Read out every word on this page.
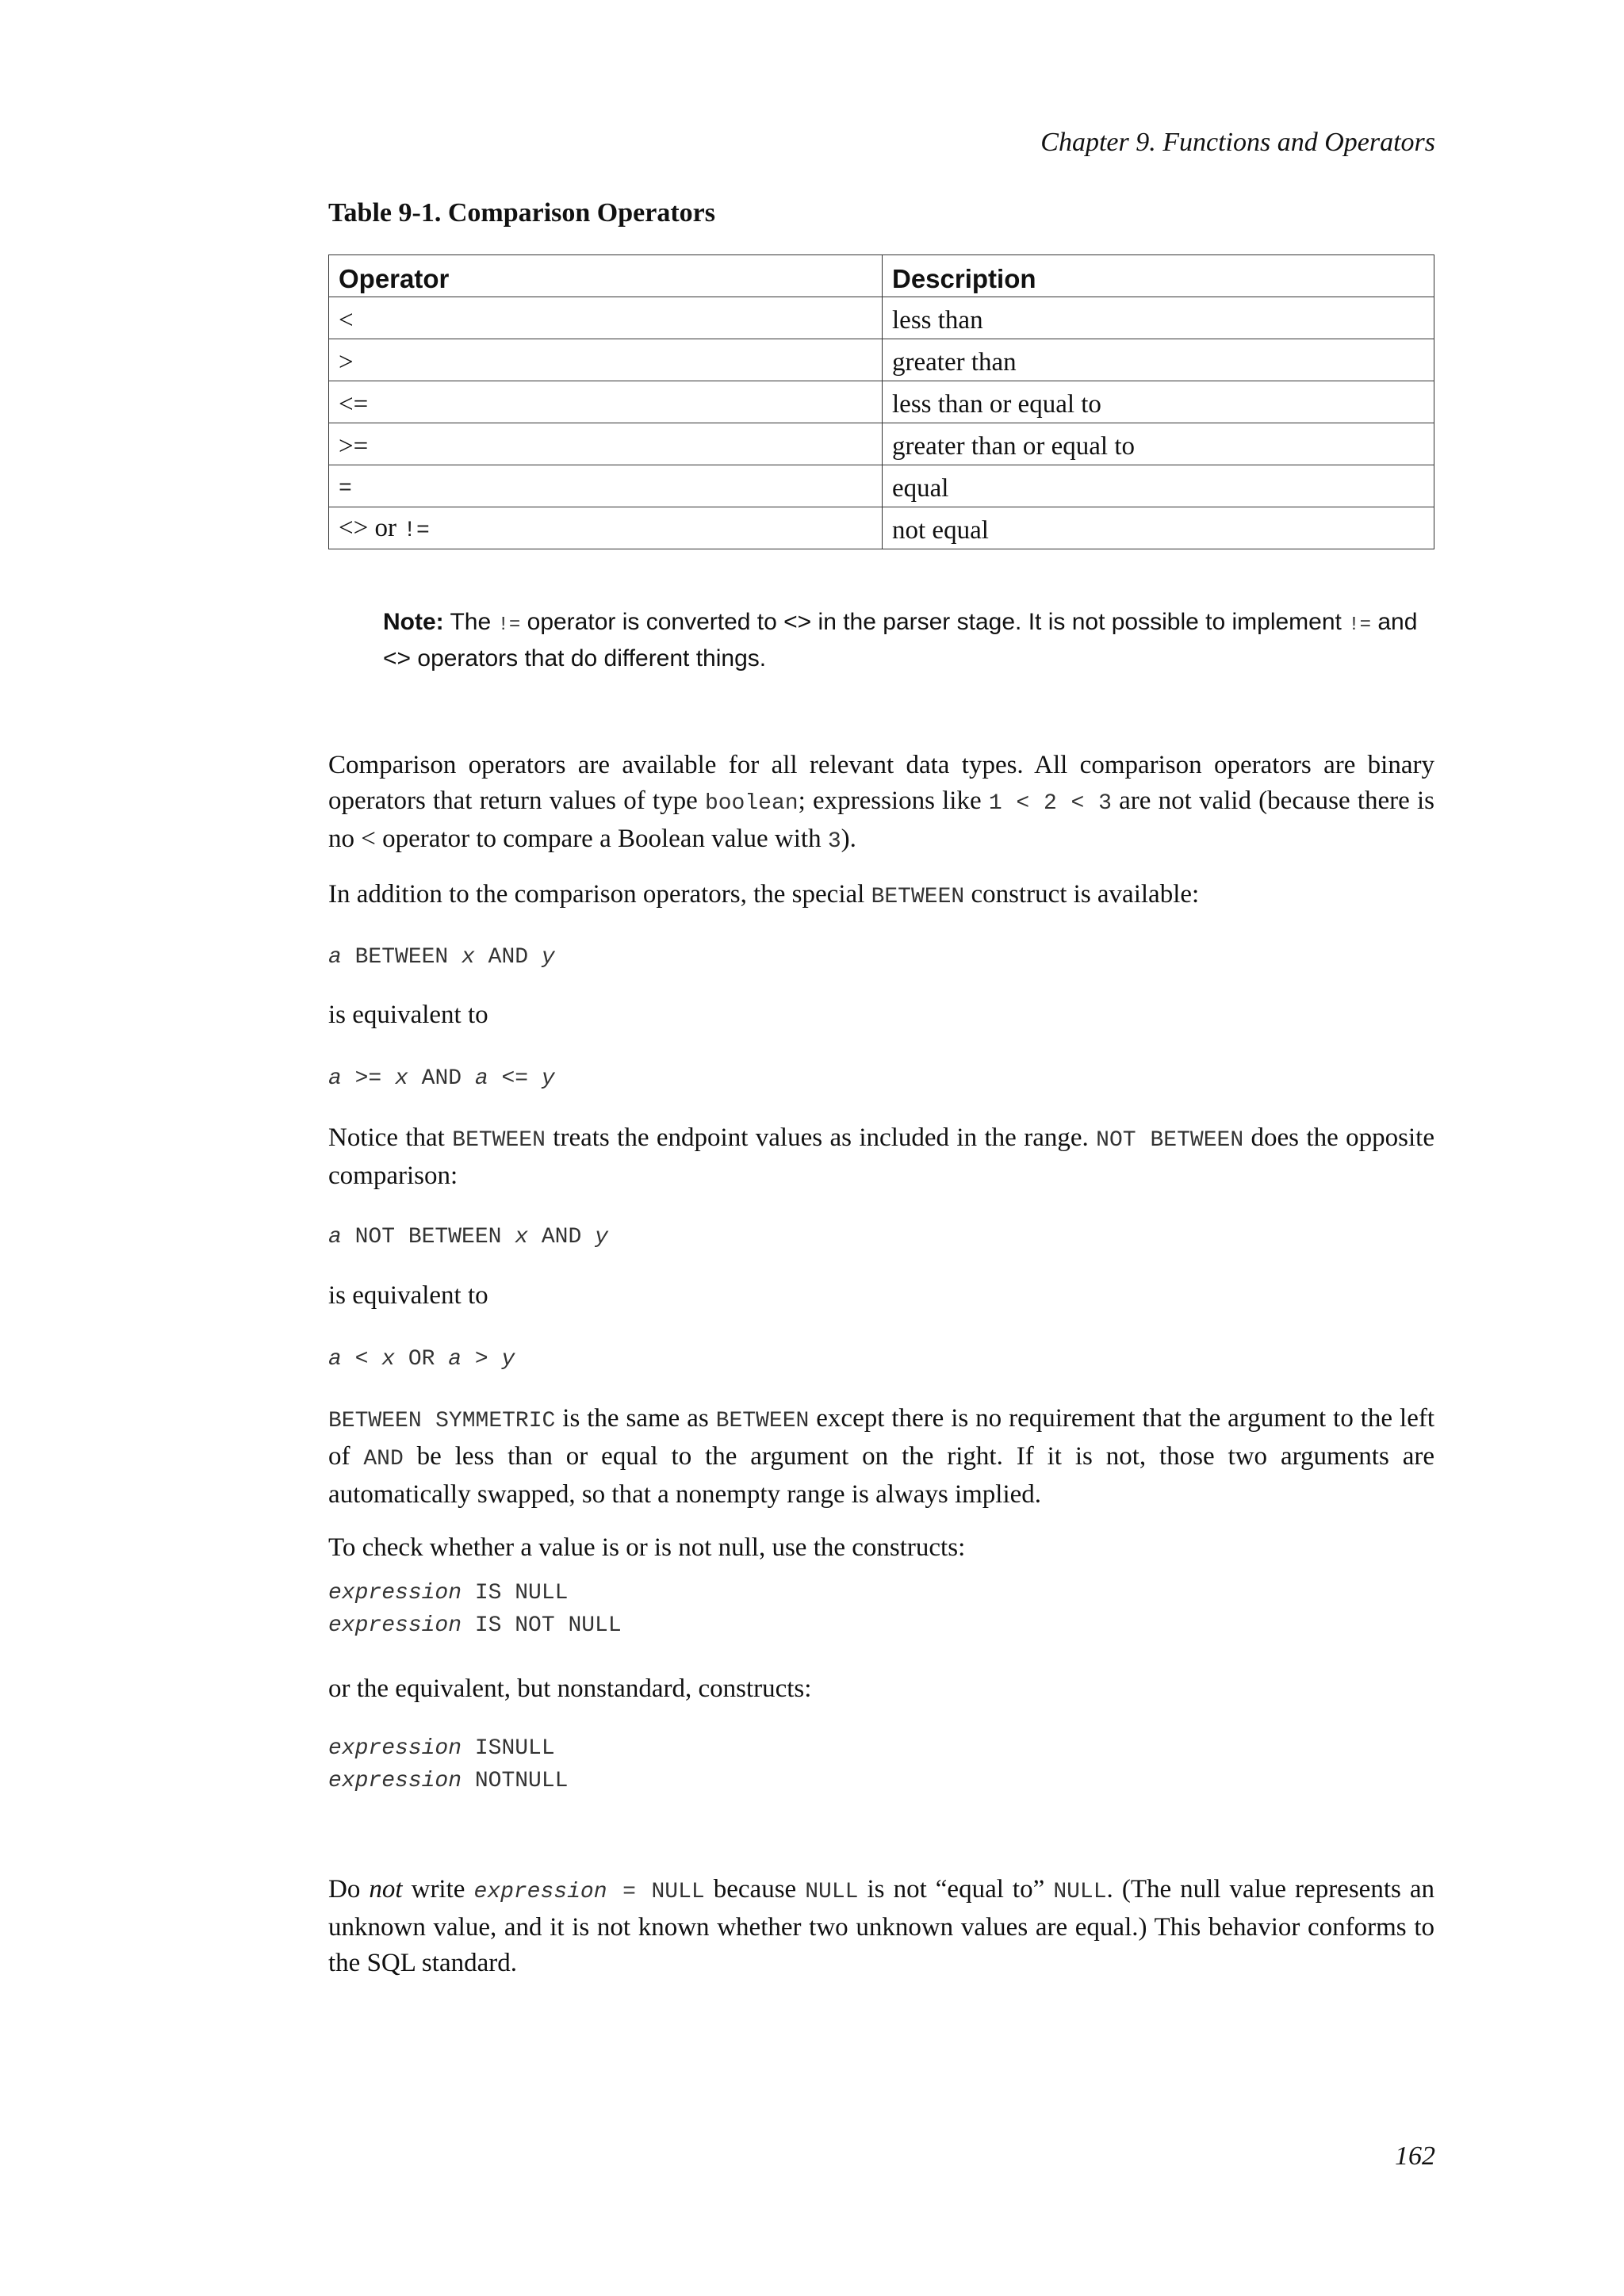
Chapter 9. Functions and Operators
Table 9-1. Comparison Operators
Operator	Description
<	less than
>	greater than
<=	less than or equal to
>=	greater than or equal to
=	equal
<> or !=	not equal
Note: The != operator is converted to <> in the parser stage. It is not possible to implement != and <> operators that do different things.

Comparison operators are available for all relevant data types. All comparison operators are binary operators that return values of type boolean; expressions like 1 < 2 < 3 are not valid (because there is no < operator to compare a Boolean value with 3).

In addition to the comparison operators, the special BETWEEN construct is available:

a BETWEEN x AND y

is equivalent to

a >= x AND a <= y

Notice that BETWEEN treats the endpoint values as included in the range. NOT BETWEEN does the opposite comparison:

a NOT BETWEEN x AND y

is equivalent to

a < x OR a > y

BETWEEN SYMMETRIC is the same as BETWEEN except there is no requirement that the argument to the left of AND be less than or equal to the argument on the right. If it is not, those two arguments are automatically swapped, so that a nonempty range is always implied.

To check whether a value is or is not null, use the constructs:

expression IS NULL
expression IS NOT NULL

or the equivalent, but nonstandard, constructs:

expression ISNULL
expression NOTNULL

Do not write expression = NULL because NULL is not “equal to” NULL. (The null value represents an unknown value, and it is not known whether two unknown values are equal.) This behavior conforms to the SQL standard.

162
